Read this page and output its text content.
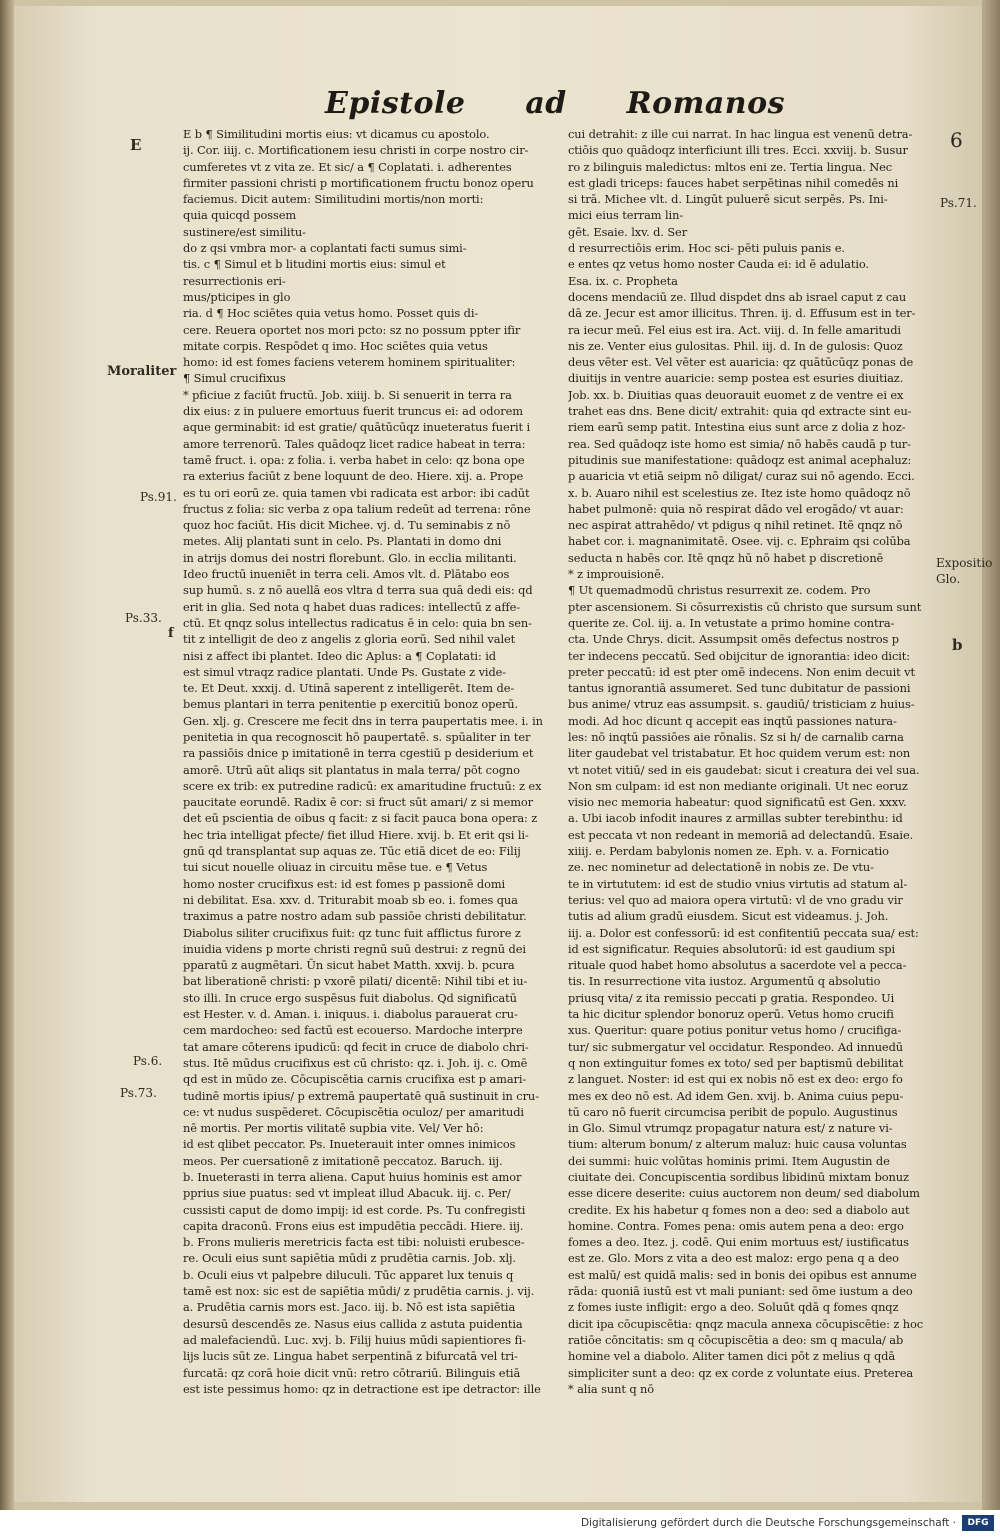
Epistole ad Romanos
6
E
Moraliter
Ps.91.
Ps.33.
f
Ps.6.
Ps.73.
Ps.71.
Expositio
Glo.
b
E b ¶ Similitudini mortis eius: vt dicamus cu apostolo.
ij. Cor. iiij. c. Mortificationem iesu christi in corpe nostro cir-
cumferetes vt z vita ze. Et sic/ a ¶ Coplatati. i. adherentes
firmiter passioni christi p mortificationem fructu bonoz operu
faciemus. Dicit autem: Similitudini mortis/non morti:
quia quicqd possem
sustinere/est similitu-
do z qsi vmbra mor- a coplantati facti sumus simi-
tis. c ¶ Simul et b litudini mortis eius: simul et
resurrectionis eri-
mus/pticipes in glo
ria. d ¶ Hoc sciētes quia vetus homo. Posset quis di-
cere. Reuera oportet nos mori pcto: sz no possum ppter ifir
mitate corpis. Respōdet q imo. Hoc sciētes quia vetus
homo: id est fomes faciens veterem hominem spiritualiter:
¶ Simul crucifixus
* pficiue z faciūt fructū. Job. xiiij. b. Si senuerit in terra ra
dix eius: z in puluere emortuus fuerit truncus ei: ad odorem
aque germinabit: id est gratie/ quātūcūqz inueteratus fuerit i
amore terrenorū. Tales quādoqz licet radice habeat in terra:
tamē fruct. i. opa: z folia. i. verba habet in celo: qz bona ope
ra exterius faciūt z bene loquunt de deo. Hiere. xij. a. Prope
es tu ori eorū ze. quia tamen vbi radicata est arbor: ibi cadūt
fructus z folia: sic verba z opa talium redeūt ad terrena: rōne
quoz hoc faciūt. His dicit Michee. vj. d. Tu seminabis z nō
metes. Alij plantati sunt in celo. Ps. Plantati in domo dni
in atrijs domus dei nostri florebunt. Glo. in ecclia militanti.
Ideo fructū inueniēt in terra celi. Amos vlt. d. Plātabo eos
sup humū. s. z nō auellā eos vltra d terra sua quā dedi eis: qd
erit in glia. Sed nota q habet duas radices: intellectū z affe-
ctū. Et qnqz solus intellectus radicatus ē in celo: quia bn sen-
tit z intelligit de deo z angelis z gloria eorū. Sed nihil valet
nisi z affect ibi plantet. Ideo dic Aplus: a ¶ Coplatati: id
est simul vtraqz radice plantati. Unde Ps. Gustate z vide-
te. Et Deut. xxxij. d. Utinā saperent z intelligerēt. Item de-
bemus plantari in terra penitentie p exercitiū bonoz operū.
Gen. xlj. g. Crescere me fecit dns in terra paupertatis mee. i. in
penitetia in qua recognoscit hō paupertatē. s. spūaliter in ter
ra passiōis dnice p imitationē in terra cgestiū p desiderium et
amorē. Utrū aūt aliqs sit plantatus in mala terra/ pōt cogno
scere ex trib: ex putredine radicū: ex amaritudine fructuū: z ex
paucitate eorundē. Radix ē cor: si fruct sūt amari/ z si memor
det eū pscientia de oibus q facit: z si facit pauca bona opera: z
hec tria intelligat pfecte/ fiet illud Hiere. xvij. b. Et erit qsi li-
gnū qd transplantat sup aquas ze. Tūc etiā dicet de eo: Filij
tui sicut nouelle oliuaz in circuitu mēse tue. e ¶ Vetus
homo noster crucifixus est: id est fomes p passionē domi
ni debilitat. Esa. xxv. d. Triturabit moab sb eo. i. fomes qua
traximus a patre nostro adam sub passiōe christi debilitatur.
Diabolus siliter crucifixus fuit: qz tunc fuit afflictus furore z
inuidia videns p morte christi regnū suū destrui: z regnū dei
pparatū z augmētari. Ūn sicut habet Matth. xxvij. b. pcura
bat liberationē christi: p vxorē pilati/ dicentē: Nihil tibi et iu-
sto illi. In cruce ergo suspēsus fuit diabolus. Qd significatū
est Hester. v. d. Aman. i. iniquus. i. diabolus parauerat cru-
cem mardocheo: sed factū est ecouerso. Mardoche interpre
tat amare cōterens ipudicū: qd fecit in cruce de diabolo chri-
stus. Itē mūdus crucifixus est cū christo: qz. i. Joh. ij. c. Omē
qd est in mūdo ze. Cōcupiscētia carnis crucifixa est p amari-
tudinē mortis ipius/ p extremā paupertatē quā sustinuit in cru-
ce: vt nudus suspēderet. Cōcupiscētia oculoz/ per amaritudi
nē mortis. Per mortis vilitatē supbia vite. Vel/ Ver hō:
id est qlibet peccator. Ps. Inueterauit inter omnes inimicos
meos. Per cuersationē z imitationē peccatoz. Baruch. iij.
b. Inueterasti in terra aliena. Caput huius hominis est amor
pprius siue puatus: sed vt impleat illud Abacuk. iij. c. Per/
cussisti caput de domo impij: id est corde. Ps. Tu confregisti
capita draconū. Frons eius est impudētia peccādi. Hiere. iij.
b. Frons mulieris meretricis facta est tibi: noluisti erubesce-
re. Oculi eius sunt sapiētia mūdi z prudētia carnis. Job. xlj.
b. Oculi eius vt palpebre diluculi. Tūc apparet lux tenuis q
tamē est nox: sic est de sapiētia mūdi/ z prudētia carnis. j. vij.
a. Prudētia carnis mors est. Jaco. iij. b. Nō est ista sapiētia
desursū descendēs ze. Nasus eius callida z astuta puidentia
ad malefaciendū. Luc. xvj. b. Filij huius mūdi sapientiores fi-
lijs lucis sūt ze. Lingua habet serpentinā z bifurcatā vel tri-
furcatā: qz corā hoie dicit vnū: retro cōtrariū. Bilinguis etiā
est iste pessimus homo: qz in detractione est ipe detractor: ille
cui detrahit: z ille cui narrat. In hac lingua est venenū detra-
ctiōis quo quādoqz interficiunt illi tres. Ecci. xxviij. b. Susur
ro z bilinguis maledictus: mltos eni ze. Tertia lingua. Nec
est gladi triceps: fauces habet serpētinas nihil comedēs ni
si trā. Michee vlt. d. Lingūt puluerē sicut serpēs. Ps. Ini-
mici eius terram lin-
gēt. Esaie. lxv. d. Ser
d resurrectiōis erim. Hoc sci- pēti puluis panis e.
e entes qz vetus homo noster Cauda ei: id ē adulatio.
Esa. ix. c. Propheta
docens mendaciū ze. Illud dispdet dns ab israel caput z cau
dā ze. Jecur est amor illicitus. Thren. ij. d. Effusum est in ter-
ra iecur meū. Fel eius est ira. Act. viij. d. In felle amaritudi
nis ze. Venter eius gulositas. Phil. iij. d. In de gulosis: Quoz
deus vēter est. Vel vēter est auaricia: qz quātūcūqz ponas de
diuitijs in ventre auaricie: semp postea est esuries diuitiaz.
Job. xx. b. Diuitias quas deuorauit euomet z de ventre ei ex
trahet eas dns. Bene dicit/ extrahit: quia qd extracte sint eu-
riem earū semp patit. Intestina eius sunt arce z dolia z hoz-
rea. Sed quādoqz iste homo est simia/ nō habēs caudā p tur-
pitudinis sue manifestatione: quādoqz est animal acephaluz:
p auaricia vt etiā seipm nō diligat/ curaz sui nō agendo. Ecci.
x. b. Auaro nihil est scelestius ze. Itez iste homo quādoqz nō
habet pulmonē: quia nō respirat dādo vel erogādo/ vt auar:
nec aspirat attrahēdo/ vt pdigus q nihil retinet. Itē qnqz nō
habet cor. i. magnanimitatē. Osee. vij. c. Ephraim qsi colūba
seducta n habēs cor. Itē qnqz hū nō habet p discretionē
* z improuisionē.
¶ Ut quemadmodū christus resurrexit ze. codem. Pro
pter ascensionem. Si cōsurrexistis cū christo que sursum sunt
querite ze. Col. iij. a. In vetustate a primo homine contra-
cta. Unde Chrys. dicit. Assumpsit omēs defectus nostros p
ter indecens peccatū. Sed obijcitur de ignorantia: ideo dicit:
preter peccatū: id est pter omē indecens. Non enim decuit vt
tantus ignorantiā assumeret. Sed tunc dubitatur de passioni
bus anime/ vtruz eas assumpsit. s. gaudiū/ tristiciam z huius-
modi. Ad hoc dicunt q accepit eas inqtū passiones natura-
les: nō inqtū passiōes aie rōnalis. Sz si h/ de carnalib carna
liter gaudebat vel tristabatur. Et hoc quidem verum est: non
vt notet vitiū/ sed in eis gaudebat: sicut i creatura dei vel sua.
Non sm culpam: id est non mediante originali. Ut nec eoruz
visio nec memoria habeatur: quod significatū est Gen. xxxv.
a. Ubi iacob infodit inaures z armillas subter terebinthu: id
est peccata vt non redeant in memoriā ad delectandū. Esaie.
xiiij. e. Perdam babylonis nomen ze. Eph. v. a. Fornicatio
ze. nec nominetur ad delectationē in nobis ze. De vtu-
te in virtututem: id est de studio vnius virtutis ad statum al-
terius: vel quo ad maiora opera virtutū: vl de vno gradu vir
tutis ad alium gradū eiusdem. Sicut est videamus. j. Joh.
iij. a. Dolor est confessorū: id est confitentiū peccata sua/ est:
id est significatur. Requies absolutorū: id est gaudium spi
rituale quod habet homo absolutus a sacerdote vel a pecca-
tis. In resurrectione vita iustoz. Argumentū q absolutio
priusq vita/ z ita remissio peccati p gratia. Respondeo. Ui
ta hic dicitur splendor bonoruz operū. Vetus homo crucifi
xus. Queritur: quare potius ponitur vetus homo / crucifiga-
tur/ sic submergatur vel occidatur. Respondeo. Ad innuedū
q non extinguitur fomes ex toto/ sed per baptismū debilitat
z languet. Noster: id est qui ex nobis nō est ex deo: ergo fo
mes ex deo nō est. Ad idem Gen. xvij. b. Anima cuius pepu-
tū caro nō fuerit circumcisa peribit de populo. Augustinus
in Glo. Simul vtrumqz propagatur natura est/ z nature vi-
tium: alterum bonum/ z alterum maluz: huic causa voluntas
dei summi: huic volūtas hominis primi. Item Augustin de
ciuitate dei. Concupiscentia sordibus libidinū mixtam bonuz
esse dicere deserite: cuius auctorem non deum/ sed diabolum
credite. Ex his habetur q fomes non a deo: sed a diabolo aut
homine. Contra. Fomes pena: omis autem pena a deo: ergo
fomes a deo. Itez. j. codē. Qui enim mortuus est/ iustificatus
est ze. Glo. Mors z vita a deo est maloz: ergo pena q a deo
est malū/ est quidā malis: sed in bonis dei opibus est annume
rāda: quoniā iustū est vt mali puniant: sed ōme iustum a deo
z fomes iuste infligit: ergo a deo. Soluūt qdā q fomes qnqz
dicit ipa cōcupiscētia: qnqz macula annexa cōcupiscētie: z hoc
ratiōe cōncitatis: sm q cōcupiscētia a deo: sm q macula/ ab
homine vel a diabolo. Aliter tamen dici pōt z melius q qdā
simpliciter sunt a deo: qz ex corde z voluntate eius. Preterea
* alia sunt q nō
Digitalisierung gefördert durch die Deutsche Forschungsgemeinschaft ·	DFG
